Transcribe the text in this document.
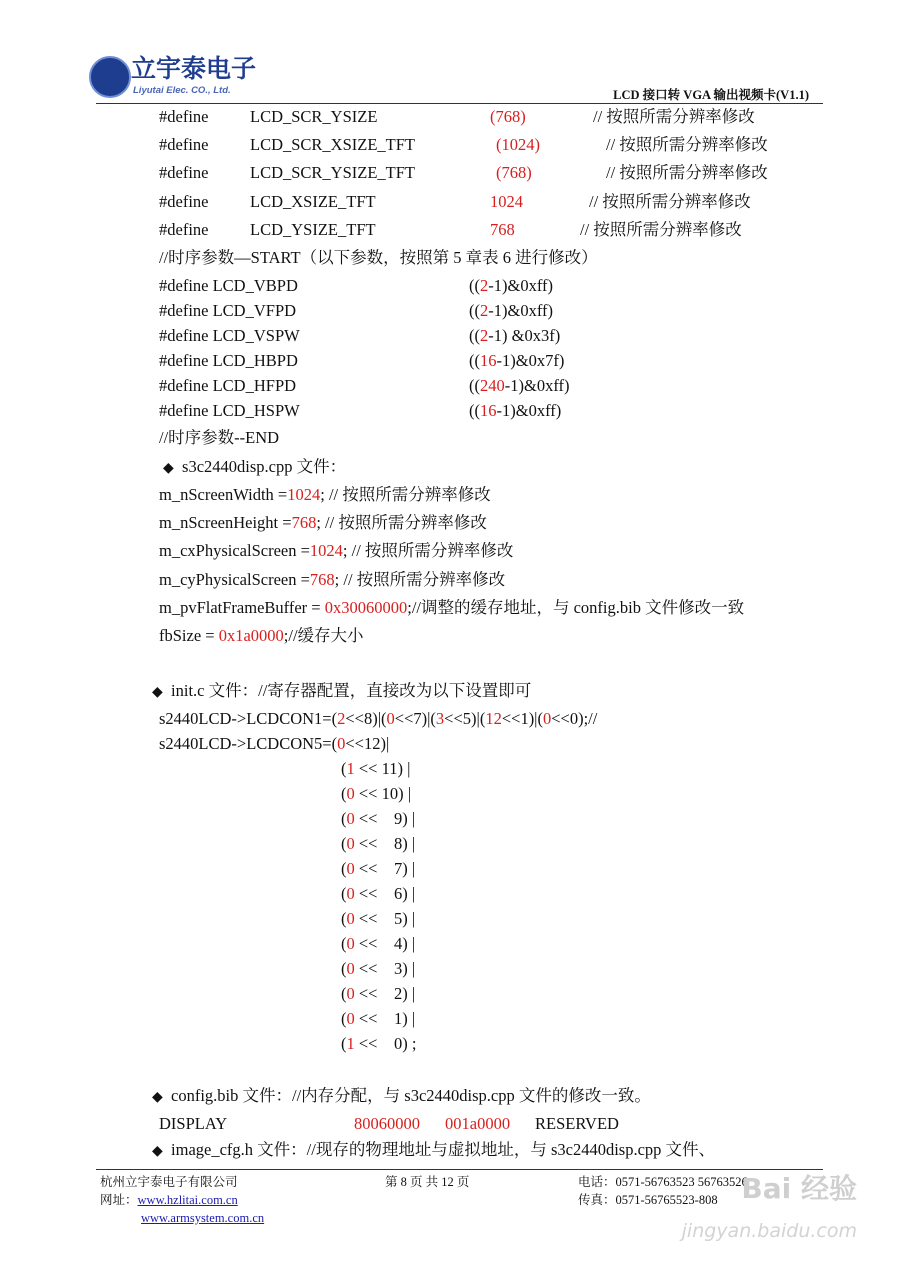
立宇泰电子
Liyutai Elec. CO., Ltd.	LCD 接口转 VGA 输出视频卡(V1.1)
#define	LCD_SCR_YSIZE	(768)	// 按照所需分辨率修改
#define	LCD_SCR_XSIZE_TFT	(1024)	// 按照所需分辨率修改
#define	LCD_SCR_YSIZE_TFT	(768)	// 按照所需分辨率修改
#define	LCD_XSIZE_TFT	1024	// 按照所需分辨率修改
#define	LCD_YSIZE_TFT	768	// 按照所需分辨率修改
//时序参数—START（以下参数，按照第 5 章表 6 进行修改）
#define LCD_VBPD	((2-1)&0xff)
#define LCD_VFPD	((2-1)&0xff)
#define LCD_VSPW	((2-1) &0x3f)
#define LCD_HBPD	((16-1)&0x7f)
#define LCD_HFPD	((240-1)&0xff)
#define LCD_HSPW	((16-1)&0xff)
//时序参数--END
◆ s3c2440disp.cpp 文件：
m_nScreenWidth =1024; // 按照所需分辨率修改
m_nScreenHeight =768; // 按照所需分辨率修改
m_cxPhysicalScreen =1024; // 按照所需分辨率修改
m_cyPhysicalScreen =768; // 按照所需分辨率修改
m_pvFlatFrameBuffer = 0x30060000;//调整的缓存地址，与 config.bib 文件修改一致
fbSize = 0x1a0000;//缓存大小
◆ init.c 文件：//寄存器配置，直接改为以下设置即可
s2440LCD->LCDCON1=(2<<8)|(0<<7)|(3<<5)|(12<<1)|(0<<0);//
s2440LCD->LCDCON5=(0<<12)|
(1 << 11) |
(0 << 10) |
(0 <<    9) |
(0 <<    8) |
(0 <<    7) |
(0 <<    6) |
(0 <<    5) |
(0 <<    4) |
(0 <<    3) |
(0 <<    2) |
(0 <<    1) |
(1 <<    0) ;
◆ config.bib 文件：//内存分配，与 s3c2440disp.cpp 文件的修改一致。
DISPLAY	80060000 001a0000 RESERVED
◆ image_cfg.h 文件：//现存的物理地址与虚拟地址，与 s3c2440disp.cpp 文件、
杭州立宇泰电子有限公司
网址：www.hzlitai.com.cn
www.armsystem.com.cn
第 8 页 共 12 页	电话：0571-56763523 56763526
传真：0571-56765523-808 Bai 经验
jingyan.baidu.com
